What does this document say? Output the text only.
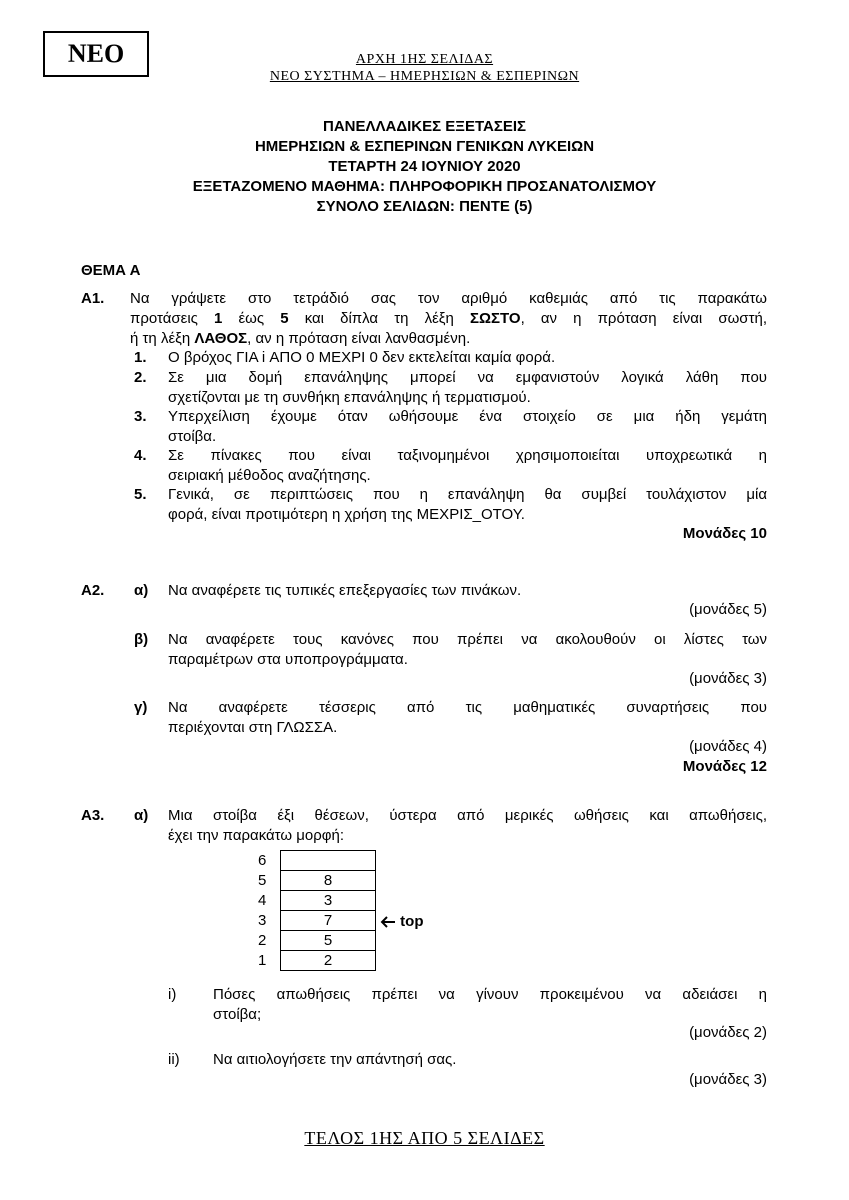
ΝΕΟ	ΑΡΧΗ 1ΗΣ ΣΕΛΙΔΑΣ
ΝΕΟ ΣΥΣΤΗΜΑ – ΗΜΕΡΗΣΙΩΝ & ΕΣΠΕΡΙΝΩΝ
ΠΑΝΕΛΛΑΔΙΚΕΣ ΕΞΕΤΑΣΕΙΣ
ΗΜΕΡΗΣΙΩΝ & ΕΣΠΕΡΙΝΩΝ ΓΕΝΙΚΩΝ ΛΥΚΕΙΩΝ
ΤΕΤΑΡΤΗ 24 ΙΟΥΝΙΟΥ 2020
ΕΞΕΤΑΖΟΜΕΝΟ ΜΑΘΗΜΑ: ΠΛΗΡΟΦΟΡΙΚΗ ΠΡΟΣΑΝΑΤΟΛΙΣΜΟΥ
ΣΥΝΟΛΟ ΣΕΛΙΔΩΝ: ΠΕΝΤΕ (5)
ΘΕΜΑ Α
Α1. Να γράψετε στο τετράδιό σας τον αριθμό καθεμιάς από τις παρακάτω
προτάσεις 1 έως 5 και δίπλα τη λέξη ΣΩΣΤΟ, αν η πρόταση είναι σωστή,
ή τη λέξη ΛΑΘΟΣ, αν η πρόταση είναι λανθασμένη.
1. Ο βρόχος ΓΙΑ i ΑΠΟ 0 ΜΕΧΡΙ 0 δεν εκτελείται καμία φορά.
2. Σε μια δομή επανάληψης μπορεί να εμφανιστούν λογικά λάθη που
σχετίζονται με τη συνθήκη επανάληψης ή τερματισμού.
3. Υπερχείλιση έχουμε όταν ωθήσουμε ένα στοιχείο σε μια ήδη γεμάτη
στοίβα.
4. Σε πίνακες που είναι ταξινομημένοι χρησιμοποιείται υποχρεωτικά η
σειριακή μέθοδος αναζήτησης.
5. Γενικά, σε περιπτώσεις που η επανάληψη θα συμβεί τουλάχιστον μία
φορά, είναι προτιμότερη η χρήση της ΜΕΧΡΙΣ_ΟΤΟΥ.
Μονάδες 10
Α2. α) Να αναφέρετε τις τυπικές επεξεργασίες των πινάκων.
(μονάδες 5)
β) Να αναφέρετε τους κανόνες που πρέπει να ακολουθούν οι λίστες των
παραμέτρων στα υποπρογράμματα.
(μονάδες 3)
γ) Να αναφέρετε τέσσερις από τις μαθηματικές συναρτήσεις που
περιέχονται στη ΓΛΩΣΣΑ.
(μονάδες 4)
Μονάδες 12
Α3. α) Μια στοίβα έξι θέσεων, ύστερα από μερικές ωθήσεις και απωθήσεις,
έχει την παρακάτω μορφή:
6	
5	8
4	3
3	7
2	5
1	2
top
i) Πόσες απωθήσεις πρέπει να γίνουν προκειμένου να αδειάσει η
στοίβα;
(μονάδες 2)
ii) Να αιτιολογήσετε την απάντησή σας.
(μονάδες 3)
ΤΕΛΟΣ 1ΗΣ ΑΠΟ 5 ΣΕΛΙΔΕΣ
